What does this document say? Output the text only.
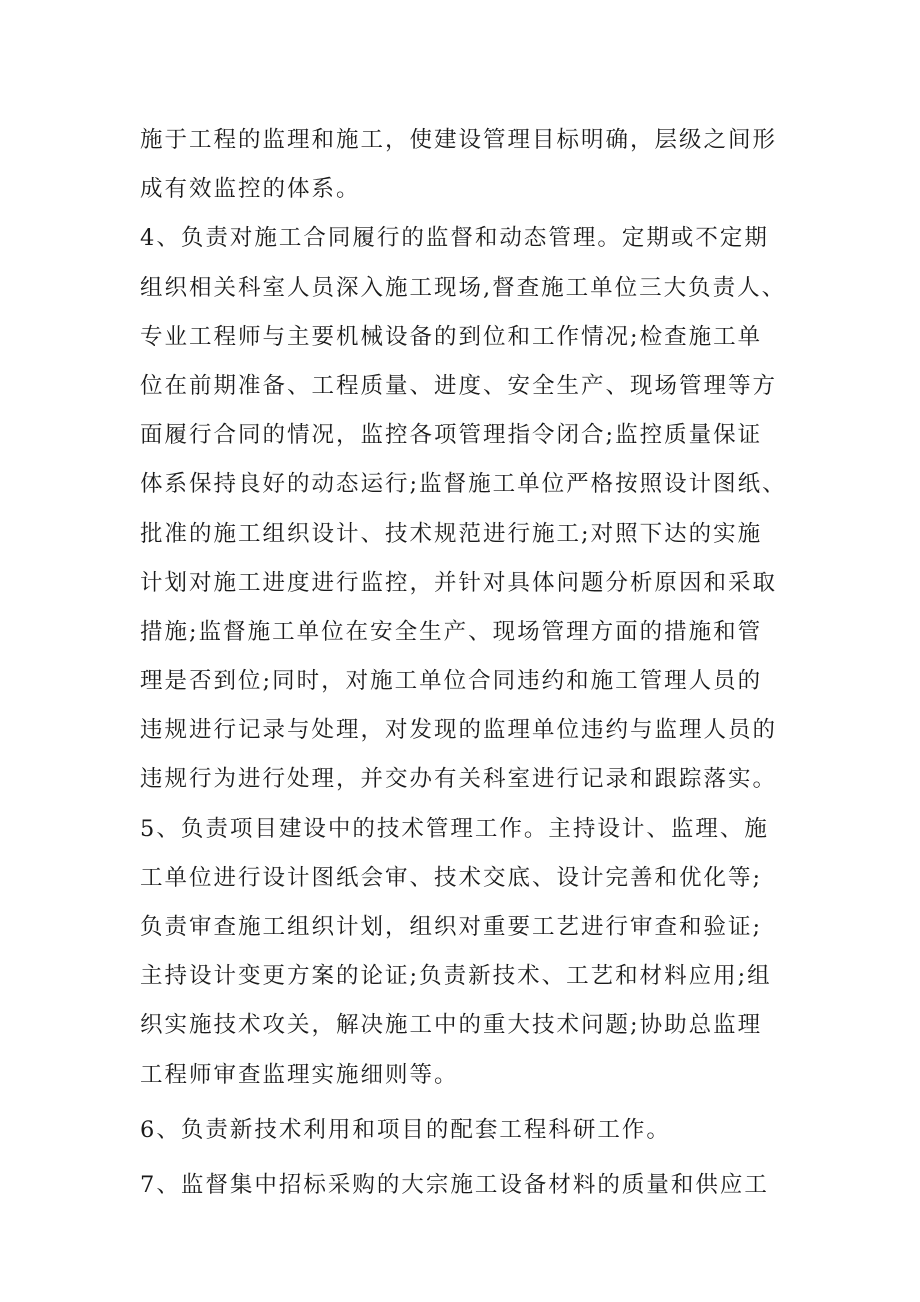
施于工程的监理和施工，使建设管理目标明确，层级之间形
成有效监控的体系。
4、负责对施工合同履行的监督和动态管理。定期或不定期
组织相关科室人员深入施工现场,督查施工单位三大负责人、
专业工程师与主要机械设备的到位和工作情况;检查施工单
位在前期准备、工程质量、进度、安全生产、现场管理等方
面履行合同的情况，监控各项管理指令闭合;监控质量保证
体系保持良好的动态运行;监督施工单位严格按照设计图纸、
批准的施工组织设计、技术规范进行施工;对照下达的实施
计划对施工进度进行监控，并针对具体问题分析原因和采取
措施;监督施工单位在安全生产、现场管理方面的措施和管
理是否到位;同时，对施工单位合同违约和施工管理人员的
违规进行记录与处理，对发现的监理单位违约与监理人员的
违规行为进行处理，并交办有关科室进行记录和跟踪落实。
5、负责项目建设中的技术管理工作。主持设计、监理、施
工单位进行设计图纸会审、技术交底、设计完善和优化等;
负责审查施工组织计划，组织对重要工艺进行审查和验证;
主持设计变更方案的论证;负责新技术、工艺和材料应用;组
织实施技术攻关，解决施工中的重大技术问题;协助总监理
工程师审查监理实施细则等。
6、负责新技术利用和项目的配套工程科研工作。
7、监督集中招标采购的大宗施工设备材料的质量和供应工
